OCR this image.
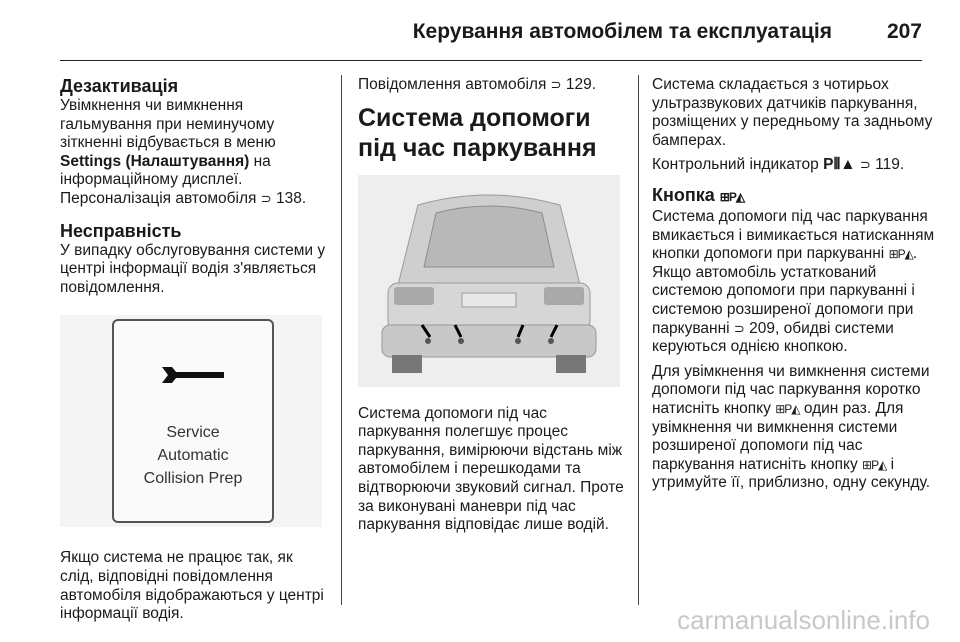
Керування автомобілем та експлуатація	207
Дезактивація

Увімкнення чи вимкнення гальмування при неминучому зіткненні відбувається в меню Settings (Налаштування) на інформаційному дисплеї. Персоналізація автомобіля ⊃ 138.

Несправність

У випадку обслуговування системи у центрі інформації водія з'являється повідомлення.

Service
Automatic
Collision Prep

Якщо система не працює так, як слід, відповідні повідомлення автомобіля відображаються у центрі інформації водія.

Повідомлення автомобіля ⊃ 129.

Система допомоги під час паркування

Система допомоги під час паркування полегшує процес паркування, вимірюючи відстань між автомобілем і перешкодами та відтворюючи звуковий сигнал. Проте за виконувані маневри під час паркування відповідає лише водій.

Система складається з чотирьох ультразвукових датчиків паркування, розміщених у передньому та задньому бамперах.

Контрольний індикатор P⦀▲ ⊃ 119.

Кнопка ⊞P◭

Система допомоги під час паркування вмикається і вимикається натисканням кнопки допомоги при паркуванні ⊞P◭. Якщо автомобіль устаткований системою допомоги при паркуванні і системою розширеної допомоги при паркуванні ⊃ 209, обидві системи керуються однією кнопкою.

Для увімкнення чи вимкнення системи допомоги під час паркування коротко натисніть кнопку ⊞P◭ один раз. Для увімкнення чи вимкнення системи розширеної допомоги під час паркування натисніть кнопку ⊞P◭ і утримуйте її, приблизно, одну секунду.

carmanualsonline.info
